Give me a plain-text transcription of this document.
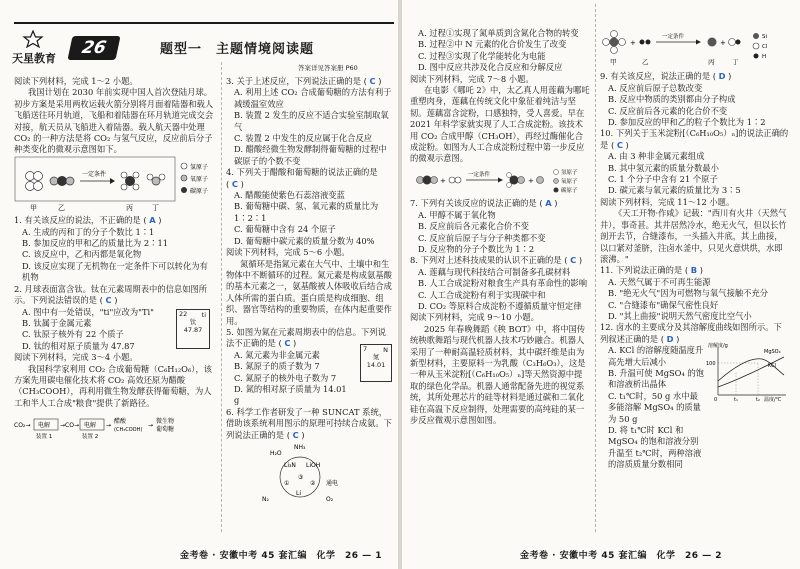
天星教育
26	题型一　主题情境阅读题
答案详见答案册 P60

阅读下列材料，完成 1～2 小题。

我国计划在 2030 年前实现中国人首次登陆月球。初步方案是采用两枚运载火箭分别将月面着陆器和载人飞船送往环月轨道，飞船和着陆器在环月轨道完成交会对接，航天员从飞船进入着陆器。载人航天器中处理 CO₂ 的一种方法是将 CO₂ 与氢气反应，反应前后分子种类变化的微观示意图如下。

一定条件
甲	乙	丙	丁
氢原子
氧原子
碳原子

1. 有关该反应的说法，不正确的是 ( A )

A. 生成的丙和丁的分子个数比 1∶1

B. 参加反应的甲和乙的质量比为 2∶11

C. 该反应中，乙和丙都是氧化物

D. 该反应实现了无机物在一定条件下可以转化为有机物

2. 月球表面富含钛。钛在元素周期表中的信息如图所示。下列说法错误的是 ( C )

A. 图中有一处错误，"ti"应改为"Ti"

B. 钛属于金属元素

C. 钛原子核外有 22 个质子

D. 钛的相对原子质量为 47.87

22	ti
钛
47.87

阅读下列材料，完成 3～4 小题。

我国科学家利用 CO₂ 合成葡萄糖（C₆H₁₂O₆），该方案先用碳电催化技术将 CO₂ 高效还原为醋酸（CH₃COOH），再利用微生物发酵获得葡萄糖，为人工和半人工合成"粮食"提供了新路径。

CO₂→ 电解 →CO→ 电解 →
醋酸
(CH₃COOH)
→
微生物
葡萄糖
装置 1	装置 2

3. 关于上述反应，下列说法正确的是 ( C )

A. 利用上述 CO₂ 合成葡萄糖的方法有利于减缓温室效应

B. 装置 2 发生的反应不适合实验室制取氧气

C. 装置 2 中发生的反应属于化合反应

D. 醋酸经微生物发酵制得葡萄糖的过程中碳原子的个数不变

4. 下列关于醋酸和葡萄糖的说法正确的是 ( C )

A. 醋酸能使紫色石蕊溶液变蓝

B. 葡萄糖中碳、氢、氧元素的质量比为 1∶2∶1

C. 葡萄糖中含有 24 个原子

D. 葡萄糖中碳元素的质量分数为 40%

阅读下列材料，完成 5～6 小题。

氮循环是指氮元素在大气中、土壤中和生物体中不断循环的过程。氮元素是构成氨基酸的基本元素之一，氨基酸被人体吸收后结合成人体所需的蛋白质。蛋白质是构成细胞、组织、器官等结构的重要物质，在体内起重要作用。

5. 如图为氮在元素周期表中的信息。下列说法不正确的是 ( C )

A. 氮元素为非金属元素

B. 氮原子的质子数为 7

C. 氮原子的核外电子数为 7

D. 氮的相对原子质量为 14.01 g

7	N
氮
14.01

6. 科学工作者研发了一种 SUNCAT 系统，借助该系统利用图示的原理可持续合成氨。下列说法正确的是 ( C )

NH₃
H₂O
Li₃N LiOH
③
①	②
Li
N₂
通电
O₂

A. 过程①实现了氮单质到含氮化合物的转变

B. 过程②中 N 元素的化合价发生了改变

C. 过程③实现了化学能转化为电能

D. 图中反应共涉及化合反应和分解反应

阅读下列材料，完成 7～8 小题。

在电影《哪吒 2》中，太乙真人用莲藕为哪吒重塑肉身，莲藕在传统文化中象征着纯洁与坚韧。莲藕富含淀粉，口感独特，受人喜爱。早在 2021 年科学家就实现了人工合成淀粉。该技术用 CO₂ 合成甲醇（CH₃OH），再经过酶催化合成淀粉。如图为人工合成淀粉过程中第一步反应的微观示意图。

+
一定条件
+
氢原子
氧原子
碳原子

7. 下列有关该反应的说法正确的是 ( A )

A. 甲醇不属于氧化物

B. 反应前后各元素化合价不变

C. 反应前后原子与分子种类都不变

D. 反应物的分子个数比为 1∶2

8. 下列对上述科技成果的认识不正确的是 ( C )

A. 莲藕与现代科技结合可制备多孔碳材料

B. 人工合成淀粉对粮食生产具有革命性的影响

C. 人工合成淀粉有利于实现碳中和

D. CO₂ 等原料合成淀粉不遵循质量守恒定律

阅读下列材料，完成 9～10 小题。

2025 年春晚舞蹈《秧 BOT》中，将中国传统秧歌舞蹈与现代机器人技术巧妙融合。机器人采用了一种耐高温轻质材料，其中碳纤维是由为新型材料，主要原料一为乳酸（C₃H₆O₃），这是一种从玉米淀粉[（C₆H₁₀O₅）ₙ]等天然资源中提取的绿色化学品。机器人通常配备先进的视觉系统，其所处理芯片的硅等材料是通过碳和二氧化硅在高温下反应制得，处理需要的高纯硅的某一步反应微观示意图如图。

+
一定条件
+
甲	乙	丙	丁
Si
Cl
H

9. 有关该反应，说法正确的是 ( D )

A. 反应前后原子总数改变

B. 反应中物质的类别都由分子构成

C. 反应前后各元素的化合价不变

D. 参加反应的甲和乙的粒子个数比为 1∶2

10. 下列关于玉米淀粉[（C₆H₁₀O₅）ₙ]的说法正确的是 ( C )

A. 由 3 种非金属元素组成

B. 其中氢元素的质量分数最小

C. 1 个分子中含有 21 个原子

D. 碳元素与氧元素的质量比为 3∶5

阅读下列材料，完成 11～12 小题。

《天工开物·作咸》记载："西川有火井（天然气井），事奇甚。其井居然冷水，绝无火气，但以长竹剖开去节，合缝漆布，一头插入井底，其上曲接，以口紧对釜脐，注卤水釜中，只见火意烘烘，水即滚沸。"

11. 下列说法正确的是 ( B )

A. 天然气属于不可再生能源

B. "绝无火气"因为可燃物与氧气接触不充分

C. "合缝漆布"确保气密性良好

D. "其上曲接"说明天然气密度比空气小

12. 卤水的主要成分及其溶解度曲线如图所示。下列叙述正确的是 ( D )

A. KCl 的溶解度随温度升高先增大后减小

B. 升温可使 MgSO₄ 的饱和溶液析出晶体

C. t₁℃时，50 g 水中最多能溶解 MgSO₄ 的质量为 50 g

D. 将 t₁℃时 KCl 和 MgSO₄ 的饱和溶液分别升温至 t₂℃时，两种溶液的溶质质量分数相同

溶解度/g
100
MgSO₄
KCl
0	t₁	t₂ 温度/℃
金考卷 · 安徽中考 45 套汇编　化学　26 — 1	金考卷 · 安徽中考 45 套汇编　化学　26 — 2
